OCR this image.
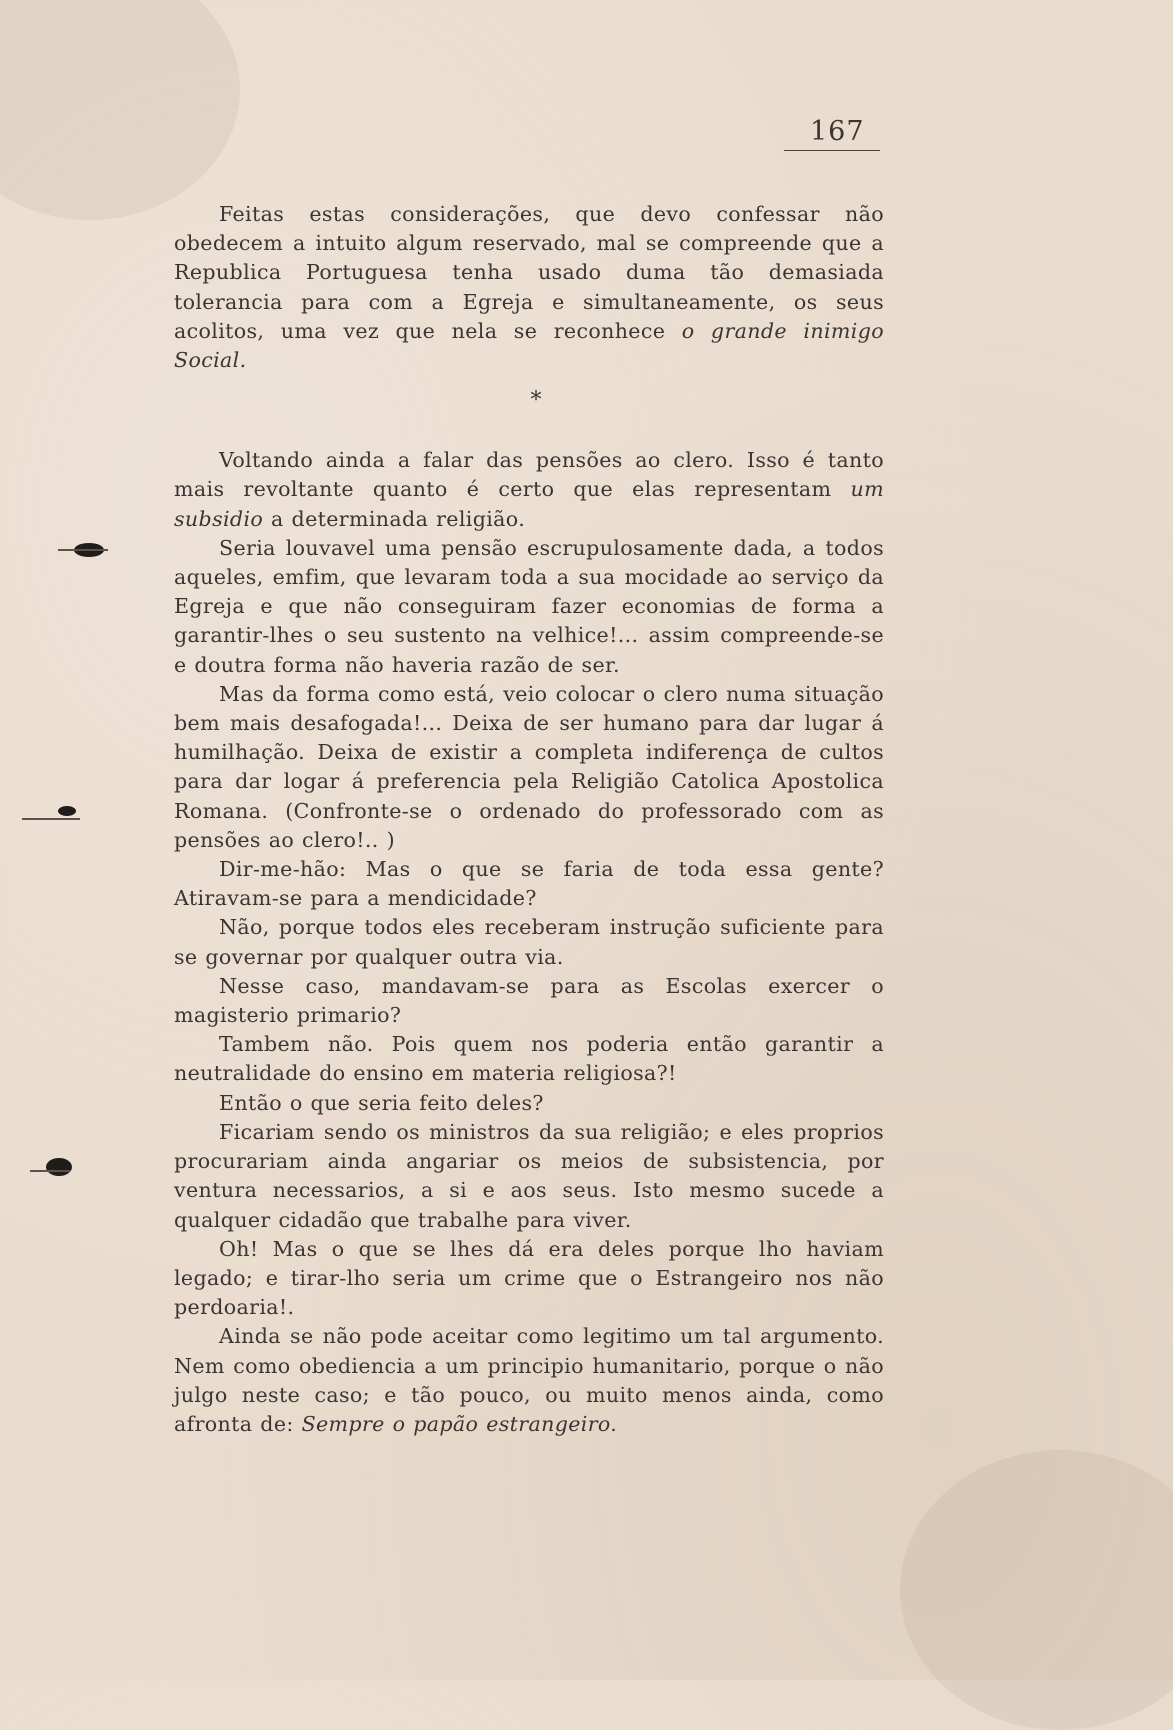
167

Feitas estas considerações, que devo confessar não obedecem a intuito algum reservado, mal se compreende que a Republica Portuguesa tenha usado duma tão demasiada tolerancia para com a Egreja e simultaneamente, os seus acolitos, uma vez que nela se reconhece o grande inimigo Social.

*

Voltando ainda a falar das pensões ao clero. Isso é tanto mais revoltante quanto é certo que elas representam um subsidio a determinada religião.

Seria louvavel uma pensão escrupulosamente dada, a todos aqueles, emfim, que levaram toda a sua mocidade ao serviço da Egreja e que não conseguiram fazer economias de forma a garantir-lhes o seu sustento na velhice!... assim compreende-se e doutra forma não haveria razão de ser.

Mas da forma como está, veio colocar o clero numa situação bem mais desafogada!... Deixa de ser humano para dar lugar á humilhação. Deixa de existir a completa indiferença de cultos para dar logar á preferencia pela Religião Catolica Apostolica Romana. (Confronte-se o ordenado do professorado com as pensões ao clero!.. )

Dir-me-hão: Mas o que se faria de toda essa gente? Atiravam-se para a mendicidade?

Não, porque todos eles receberam instrução suficiente para se governar por qualquer outra via.

Nesse caso, mandavam-se para as Escolas exercer o magisterio primario?

Tambem não. Pois quem nos poderia então garantir a neutralidade do ensino em materia religiosa?!

Então o que seria feito deles?

Ficariam sendo os ministros da sua religião; e eles proprios procurariam ainda angariar os meios de subsistencia, por ventura necessarios, a si e aos seus. Isto mesmo sucede a qualquer cidadão que trabalhe para viver.

Oh! Mas o que se lhes dá era deles porque lho haviam legado; e tirar-lho seria um crime que o Estrangeiro nos não perdoaria!.

Ainda se não pode aceitar como legitimo um tal argumento. Nem como obediencia a um principio humanitario, porque o não julgo neste caso; e tão pouco, ou muito menos ainda, como afronta de: Sempre o papão estrangeiro.
